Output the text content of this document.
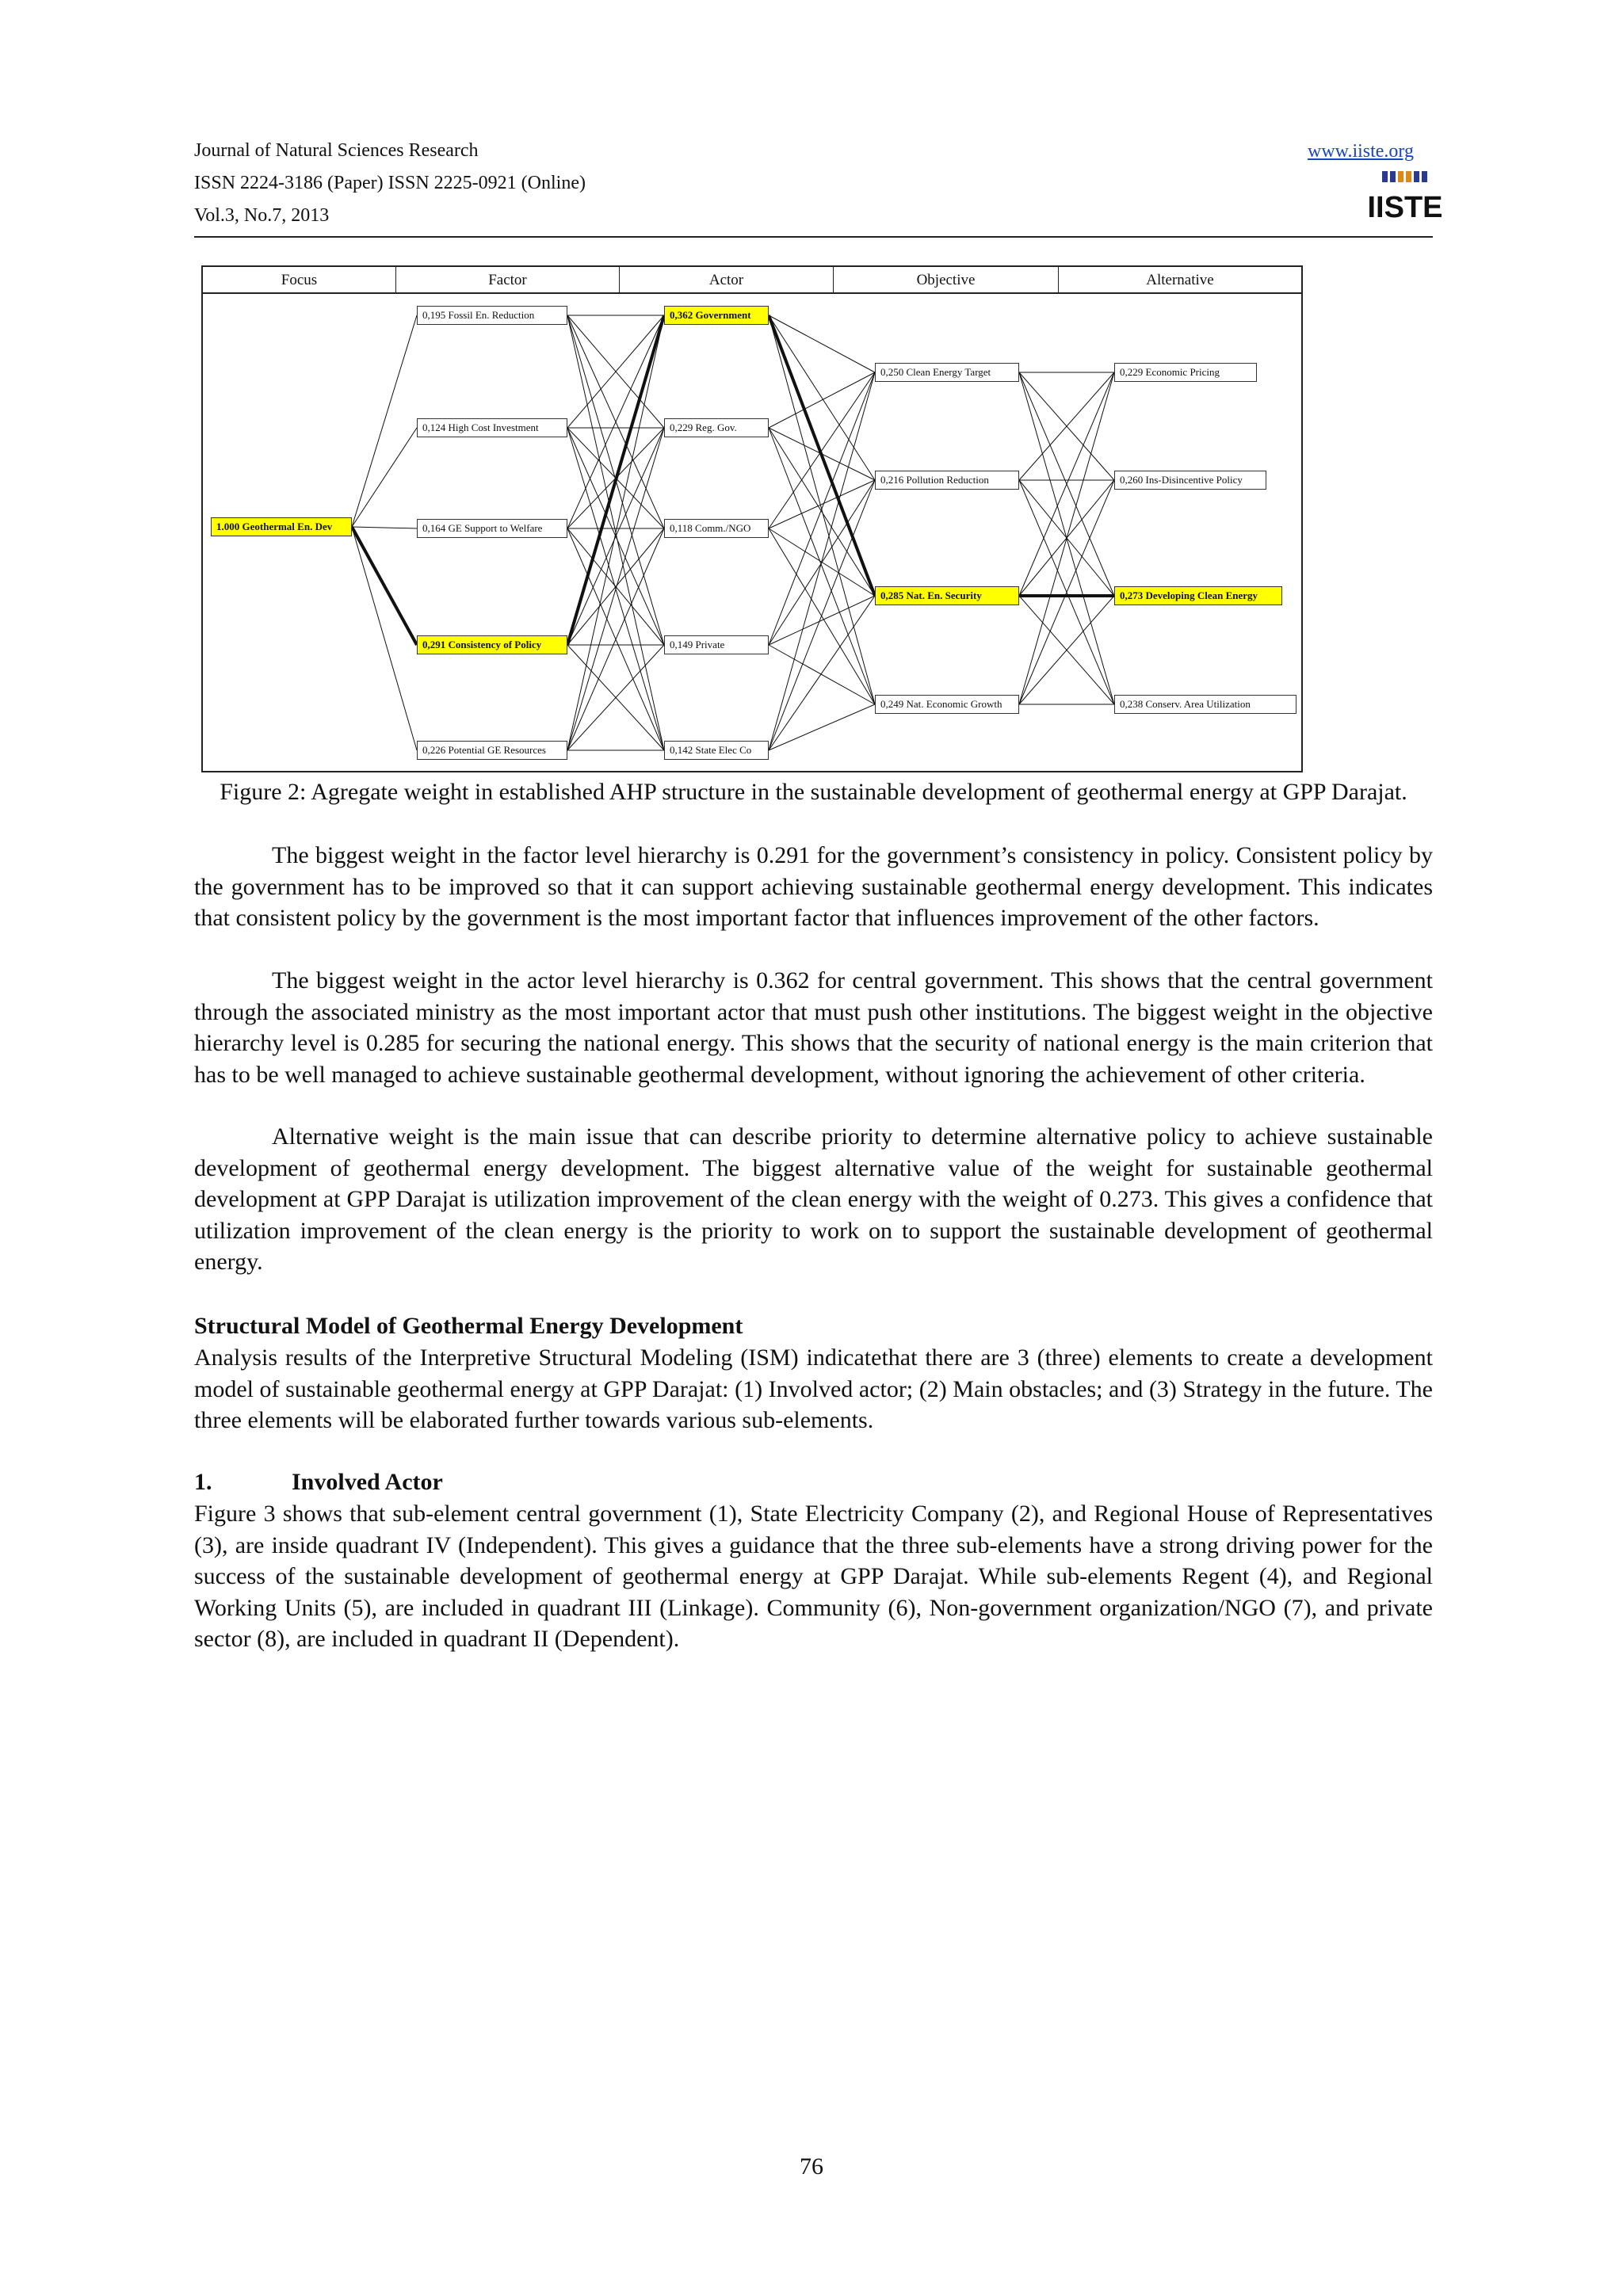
Journal of Natural Sciences Research
ISSN 2224-3186 (Paper) ISSN 2225-0921 (Online)
Vol.3, No.7, 2013
www.iiste.org
IISTE
Focus	Factor	Actor	Objective	Alternative
1.000 Geothermal En. Dev
0,195 Fossil En. Reduction
0,124 High Cost Investment
0,164 GE Support to Welfare
0,291 Consistency of Policy
0,226 Potential GE Resources
0,362 Government
0,229 Reg. Gov.
0,118 Comm./NGO
0,149 Private
0,142 State Elec Co
0,250 Clean Energy Target
0,216 Pollution Reduction
0,285 Nat. En. Security
0,249 Nat. Economic Growth
0,229 Economic Pricing
0,260 Ins-Disincentive Policy
0,273 Developing Clean Energy
0,238 Conserv. Area Utilization
Figure 2: Agregate weight in established AHP structure in the sustainable development of geothermal energy at GPP Darajat.

The biggest weight in the factor level hierarchy is 0.291 for the government’s consistency in policy. Consistent policy by the government has to be improved so that it can support achieving sustainable geothermal energy development. This indicates that consistent policy by the government is the most important factor that influences improvement of the other factors.

The biggest weight in the actor level hierarchy is 0.362 for central government. This shows that the central government through the associated ministry as the most important actor that must push other institutions. The biggest weight in the objective hierarchy level is 0.285 for securing the national energy. This shows that the security of national energy is the main criterion that has to be well managed to achieve sustainable geothermal development, without ignoring the achievement of other criteria.

Alternative weight is the main issue that can describe priority to determine alternative policy to achieve sustainable development of geothermal energy development. The biggest alternative value of the weight for sustainable geothermal development at GPP Darajat is utilization improvement of the clean energy with the weight of 0.273. This gives a confidence that utilization improvement of the clean energy is the priority to work on to support the sustainable development of geothermal energy.

Structural Model of Geothermal Energy Development

Analysis results of the Interpretive Structural Modeling (ISM) indicatethat there are 3 (three) elements to create a development model of sustainable geothermal energy at GPP Darajat: (1) Involved actor; (2) Main obstacles; and (3) Strategy in the future. The three elements will be elaborated further towards various sub-elements.

1.	Involved Actor

Figure 3 shows that sub-element central government (1), State Electricity Company (2), and Regional House of Representatives (3), are inside quadrant IV (Independent). This gives a guidance that the three sub-elements have a strong driving power for the success of the sustainable development of geothermal energy at GPP Darajat. While sub-elements Regent (4), and Regional Working Units (5), are included in quadrant III (Linkage). Community (6), Non-government organization/NGO (7), and private sector (8), are included in quadrant II (Dependent).

76
